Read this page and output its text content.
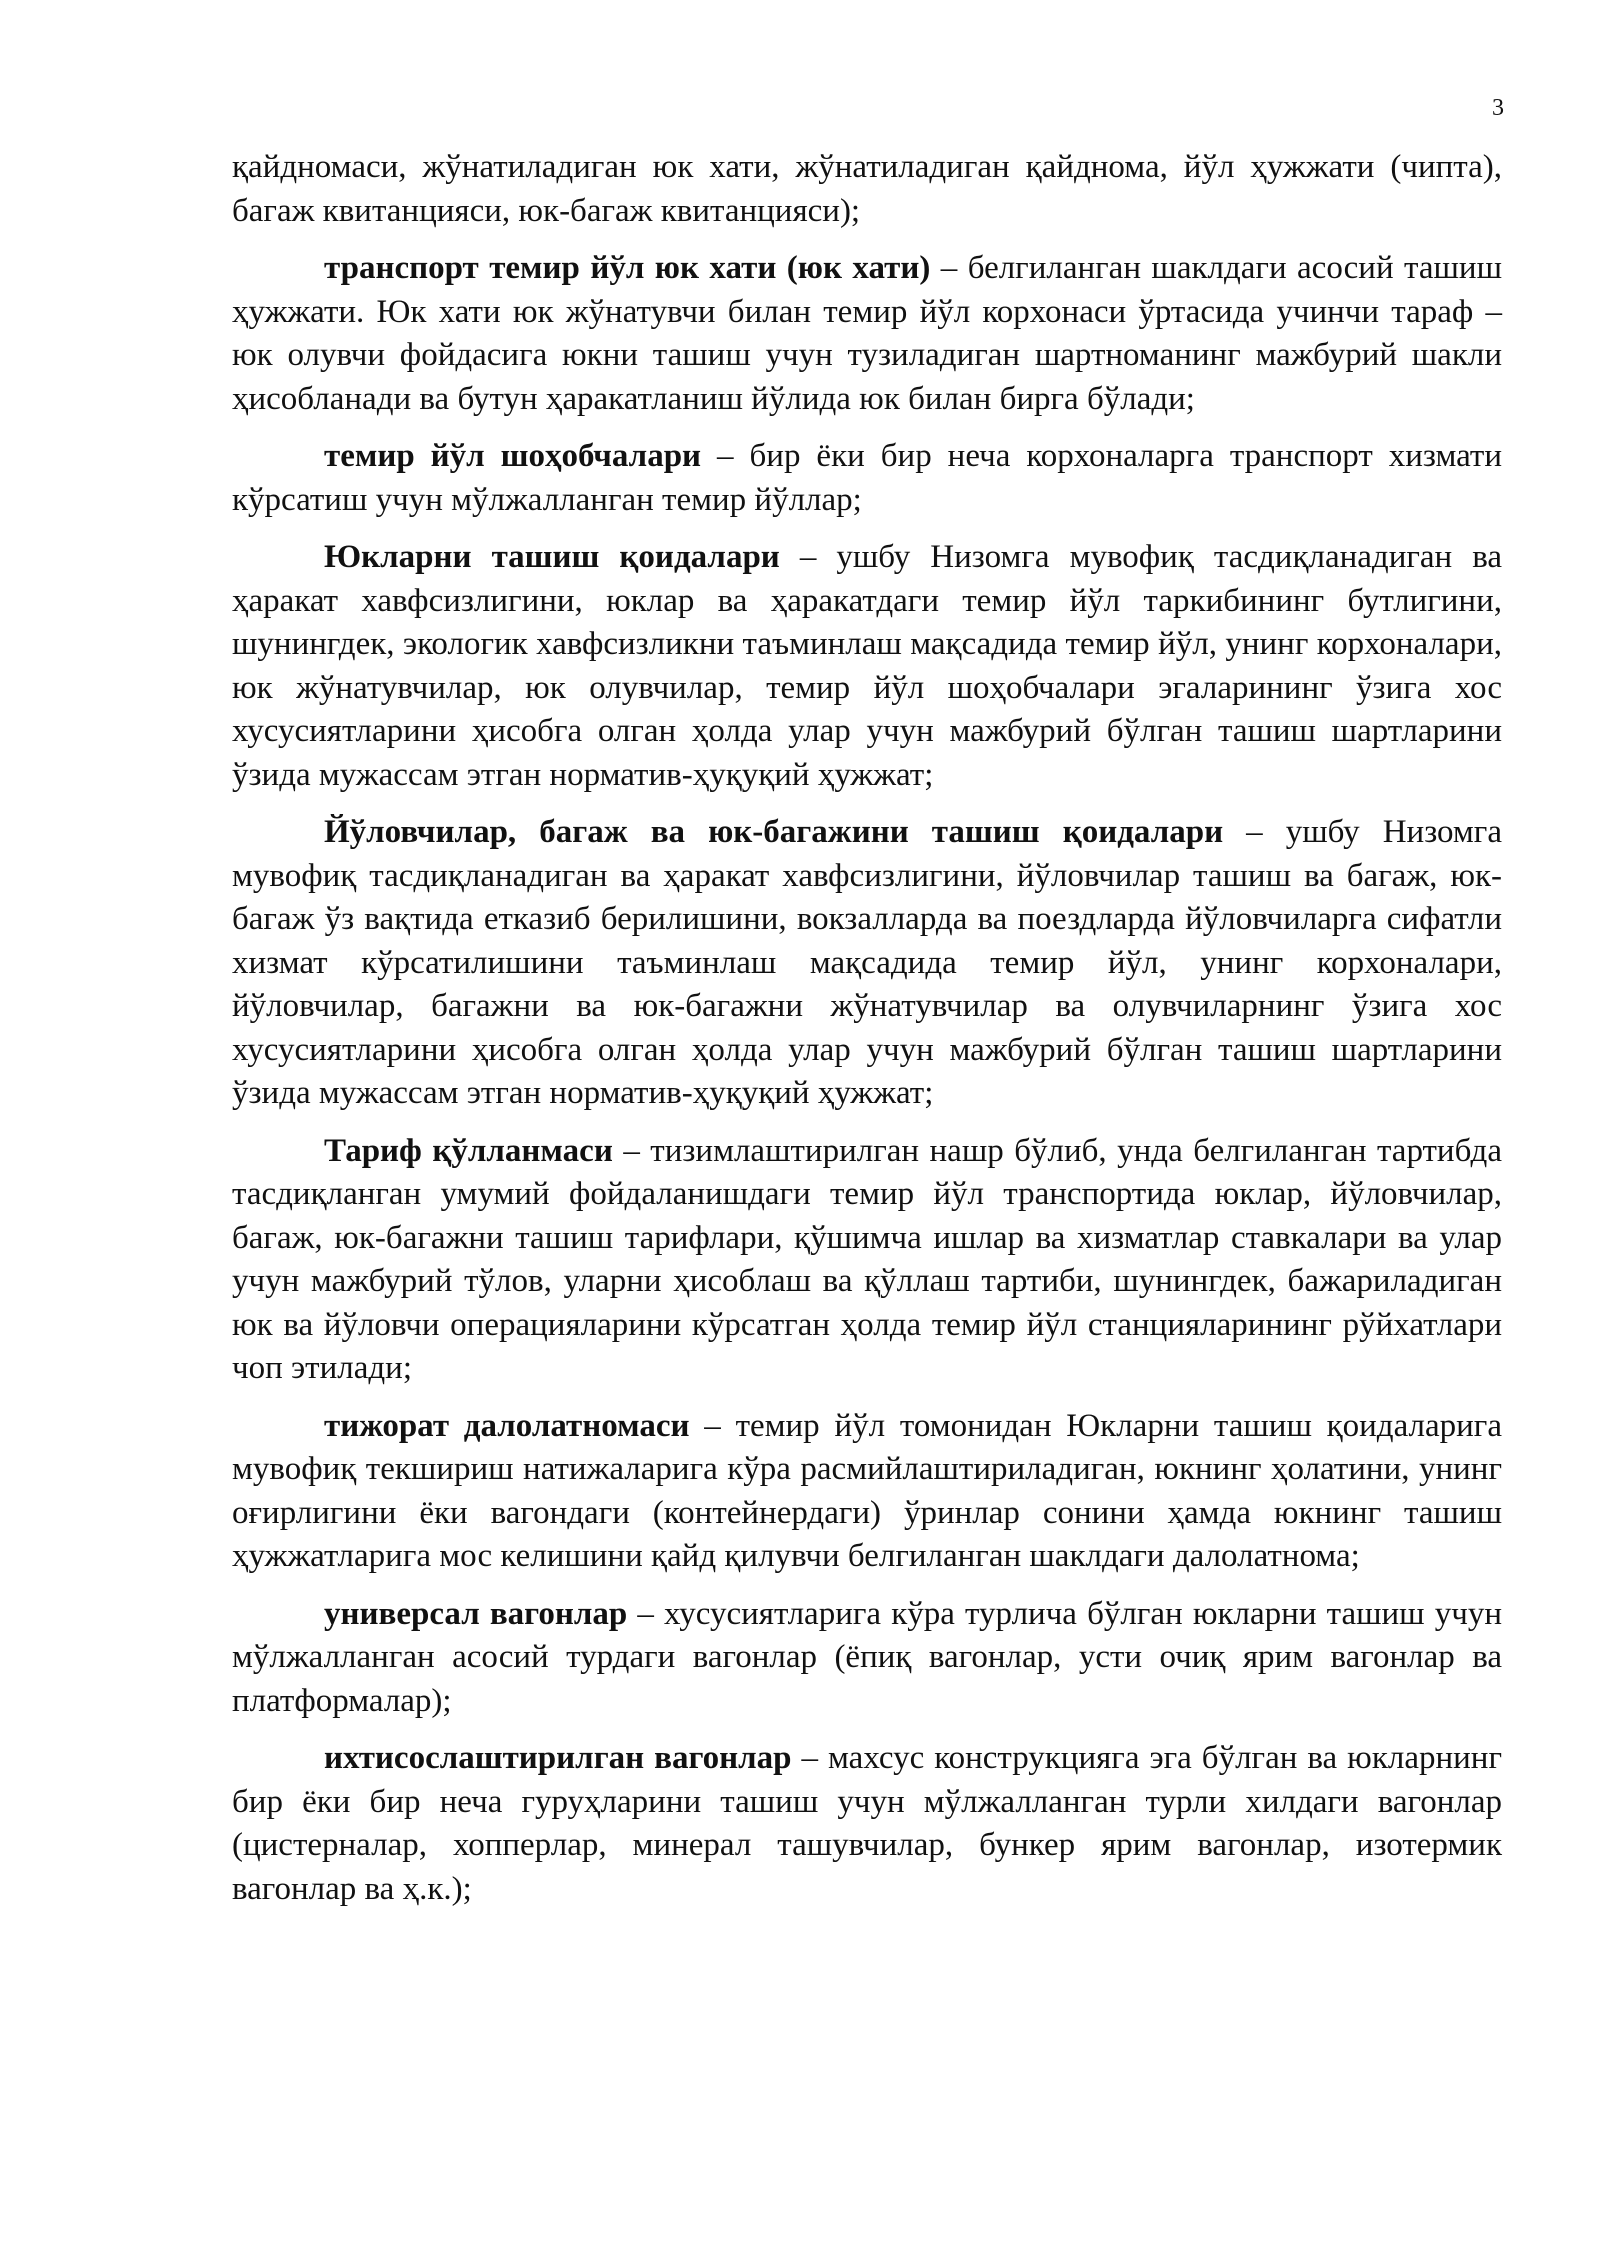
3

қайдномаси, жўнатиладиган юк хати, жўнатиладиган қайднома, йўл ҳужжати (чипта), багаж квитанцияси, юк-багаж квитанцияси);

транспорт темир йўл юк хати (юк хати) – белгиланган шаклдаги асосий ташиш ҳужжати. Юк хати юк жўнатувчи билан темир йўл корхонаси ўртасида учинчи тараф – юк олувчи фойдасига юкни ташиш учун тузиладиган шартноманинг мажбурий шакли ҳисобланади ва бутун ҳаракатланиш йўлида юк билан бирга бўлади;

темир йўл шоҳобчалари – бир ёки бир неча корхоналарга транспорт хизмати кўрсатиш учун мўлжалланган темир йўллар;

Юкларни ташиш қоидалари – ушбу Низомга мувофиқ тасдиқланадиган ва ҳаракат хавфсизлигини, юклар ва ҳаракатдаги темир йўл таркибининг бутлигини, шунингдек, экологик хавфсизликни таъминлаш мақсадида темир йўл, унинг корхоналари, юк жўнатувчилар, юк олувчилар, темир йўл шоҳобчалари эгаларининг ўзига хос хусусиятларини ҳисобга олган ҳолда улар учун мажбурий бўлган ташиш шартларини ўзида мужассам этган норматив-ҳуқуқий ҳужжат;

Йўловчилар, багаж ва юк-багажини ташиш қоидалари – ушбу Низомга мувофиқ тасдиқланадиган ва ҳаракат хавфсизлигини, йўловчилар ташиш ва багаж, юк-багаж ўз вақтида етказиб берилишини, вокзалларда ва поездларда йўловчиларга сифатли хизмат кўрсатилишини таъминлаш мақсадида темир йўл, унинг корхоналари, йўловчилар, багажни ва юк-багажни жўнатувчилар ва олувчиларнинг ўзига хос хусусиятларини ҳисобга олган ҳолда улар учун мажбурий бўлган ташиш шартларини ўзида мужассам этган норматив-ҳуқуқий ҳужжат;

Тариф қўлланмаси – тизимлаштирилган нашр бўлиб, унда белгиланган тартибда тасдиқланган умумий фойдаланишдаги темир йўл транспортида юклар, йўловчилар, багаж, юк-багажни ташиш тарифлари, қўшимча ишлар ва хизматлар ставкалари ва улар учун мажбурий тўлов, уларни ҳисоблаш ва қўллаш тартиби, шунингдек, бажариладиган юк ва йўловчи операцияларини кўрсатган ҳолда темир йўл станцияларининг рўйхатлари чоп этилади;

тижорат далолатномаси – темир йўл томонидан Юкларни ташиш қоидаларига мувофиқ текшириш натижаларига кўра расмийлаштириладиган, юкнинг ҳолатини, унинг оғирлигини ёки вагондаги (контейнердаги) ўринлар сонини ҳамда юкнинг ташиш ҳужжатларига мос келишини қайд қилувчи белгиланган шаклдаги далолатнома;

универсал вагонлар – хусусиятларига кўра турлича бўлган юкларни ташиш учун мўлжалланган асосий турдаги вагонлар (ёпиқ вагонлар, усти очиқ ярим вагонлар ва платформалар);

ихтисослаштирилган вагонлар – махсус конструкцияга эга бўлган ва юкларнинг бир ёки бир неча гуруҳларини ташиш учун мўлжалланган турли хилдаги вагонлар (цистерналар, хопперлар, минерал ташувчилар, бункер ярим вагонлар, изотермик вагонлар ва ҳ.к.);
